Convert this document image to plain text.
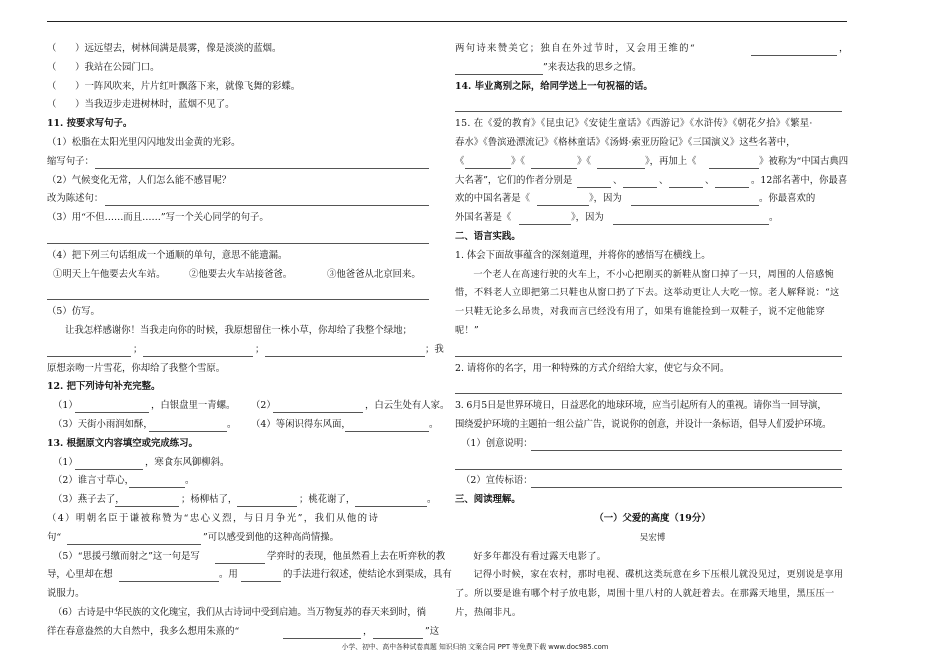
（　　）远远望去，树林间满是晨雾，像是淡淡的蓝烟。
（　　）我站在公园门口。
（　　）一阵风吹来，片片红叶飘落下来，就像飞舞的彩蝶。
（　　）当我迈步走进树林时，蓝烟不见了。
11. 按要求写句子。
（1）松脂在太阳光里闪闪地发出金黄的光彩。
缩写句子：
（2）气候变化无常，人们怎么能不感冒呢？
改为陈述句：
（3）用“不但……而且……”写一个关心同学的句子。
（4）把下列三句话组成一个通顺的单句，意思不能遗漏。
①明天上午他要去火车站。 ②他要去火车站接爸爸。	③他爸爸从北京回来。
（5）仿写。
让我怎样感谢你！当我走向你的时候，我原想留住一株小草，你却给了我整个绿地；
；	；	；我
原想亲吻一片雪花，你却给了我整个雪原。
12. 把下列诗句补充完整。
（1）	，白银盘里一青螺。 （2）	，白云生处有人家。
（3）天街小雨润如酥，	。 （4）等闲识得东风面，	。
13. 根据原文内容填空或完成练习。
（1）	，寒食东风御柳斜。
（2）谁言寸草心，	。
（3）燕子去了，	；杨柳枯了，	；桃花谢了，	。
（4）明朝名臣于谦被称赞为“忠心义烈，与日月争光”，我们从他的诗
句“	”可以感受到他的这种高尚情操。
（5）“思援弓缴而射之”这一句是写	学弈时的表现，他虽然看上去在听弈秋的教
导，心里却在想	。用	的手法进行叙述，使结论水到渠成，具有
说服力。
（6）古诗是中华民族的文化瑰宝，我们从古诗词中受到启迪。当万物复苏的春天来到时，徜
徉在春意盎然的大自然中，我多么想用朱熹的“	，	”这
两句诗来赞美它；独自在外过节时，又会用王维的“	，
”来表达我的思乡之情。
14. 毕业离别之际，给同学送上一句祝福的话。
15. 在《爱的教育》《昆虫记》《安徒生童话》《西游记》《水浒传》《朝花夕拾》《繁星·
春水》《鲁滨逊漂流记》《格林童话》《汤姆·索亚历险记》《三国演义》这些名著中，
《	》《	》《	》，再加上《	》被称为“中国古典四
大名著”，它们的作者分别是	、	、	、	。12部名著中，你最喜
欢的中国名著是《	》，因为	。你最喜欢的
外国名著是《	》，因为	。
二、语言实践。
1. 体会下面故事蕴含的深刻道理，并将你的感悟写在横线上。
一个老人在高速行驶的火车上，不小心把刚买的新鞋从窗口掉了一只，周围的人倍感惋
惜，不料老人立即把第二只鞋也从窗口扔了下去。这举动更让人大吃一惊。老人解释说：“这
一只鞋无论多么昂贵，对我而言已经没有用了，如果有谁能捡到一双鞋子，说不定他能穿
呢！”
2. 请将你的名字，用一种特殊的方式介绍给大家，使它与众不同。
3. 6月5日是世界环境日，日益恶化的地球环境，应当引起所有人的重视。请你当一回导演，
围绕爱护环境的主题拍一组公益广告，说说你的创意，并设计一条标语，倡导人们爱护环境。
（1）创意说明：
（2）宣传标语：
三、阅读理解。
（一）父爱的高度（19分）
吴宏博
好多年都没有看过露天电影了。
记得小时候，家在农村，那时电视、碟机这类玩意在乡下压根儿就没见过，更别说是享用
了。所以要是谁有哪个村子放电影，周围十里八村的人就赶着去。在那露天地里，黑压压一
片，热闹非凡。
小学、初中、高中各种试卷真题 知识归纳 文案合同 PPT 等免费下载 www.doc985.com
